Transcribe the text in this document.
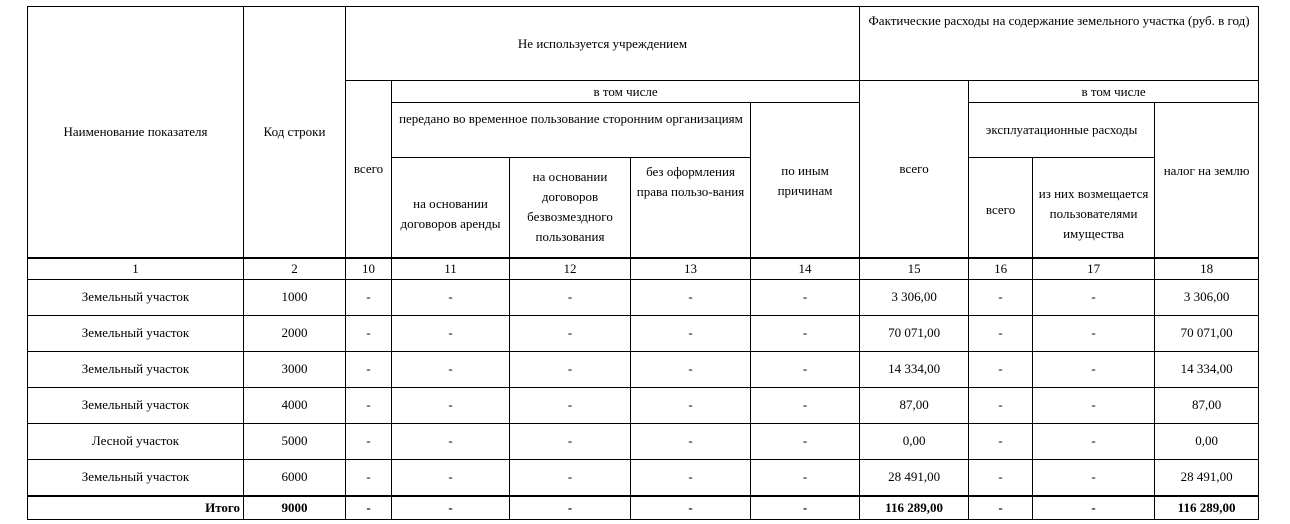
Наименование показателя	Код строки	Не используется учреждением					Фактические расходы на содержание земельного участка (руб. в год)			
		всего	в том числе				всего	в том числе		
			передано во временное пользование сторонним организациям			по иным причинам		эксплуатационные расходы		налог на землю
			на основании договоров аренды	на основании договоров безвозмездного пользования	без оформления права пользо-вания			всего	из них возмещается пользователями имущества	
1	2	10	11	12	13	14	15	16	17	18
Земельный участок	1000	-	-	-	-	-	3 306,00	-	-	3 306,00
Земельный участок	2000	-	-	-	-	-	70 071,00	-	-	70 071,00
Земельный участок	3000	-	-	-	-	-	14 334,00	-	-	14 334,00
Земельный участок	4000	-	-	-	-	-	87,00	-	-	87,00
Лесной участок	5000	-	-	-	-	-	0,00	-	-	0,00
Земельный участок	6000	-	-	-	-	-	28 491,00	-	-	28 491,00
Итого	9000	-	-	-	-	-	116 289,00	-	-	116 289,00
